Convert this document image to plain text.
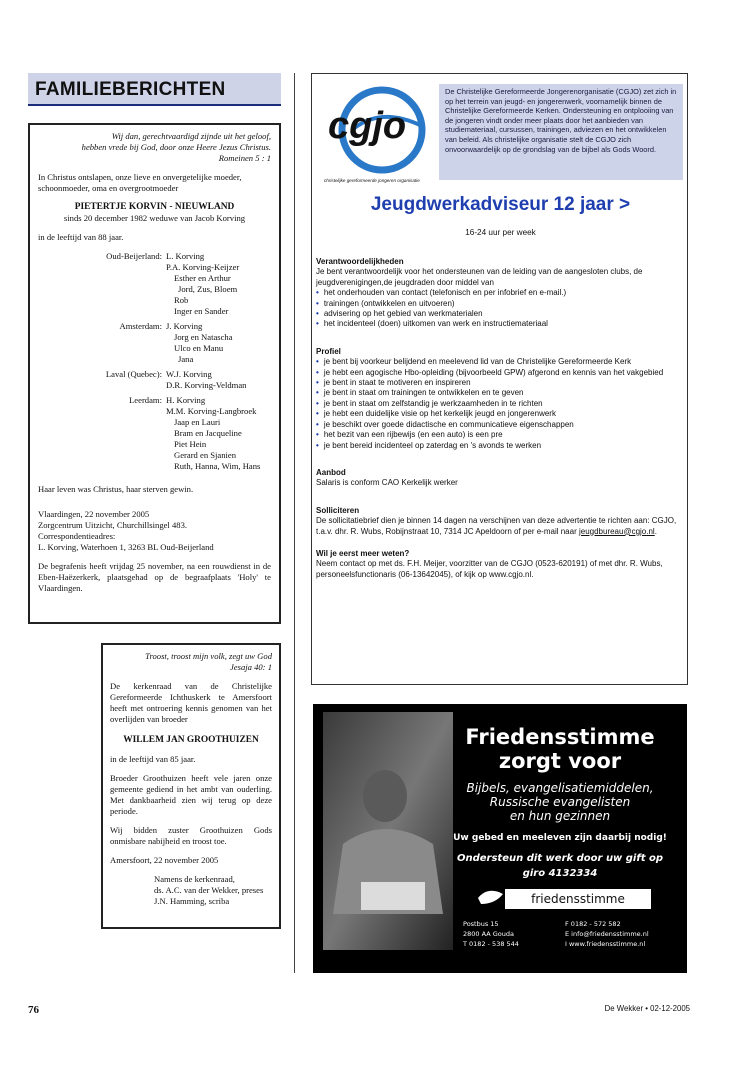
FAMILIEBERICHTEN
Wij dan, gerechtvaardigd zijnde uit het geloof,
hebben vrede bij God, door onze Heere Jezus Christus.
Romeinen 5 : 1
In Christus ontslapen, onze lieve en onvergetelijke moeder, schoonmoeder, oma en overgrootmoeder
PIETERTJE KORVIN - NIEUWLAND
sinds 20 december 1982 weduwe van Jacob Korving
in de leeftijd van 88 jaar.
Oud-Beijerland: L. Korving
P.A. Korving-Keijzer
Esther en Arthur
Jord, Zus, Bloem
Rob
Inger en Sander
Amsterdam: J. Korving
Jorg en Natascha
Ulco en Manu
Jana
Laval (Quebec): W.J. Korving
D.R. Korving-Veldman
Leerdam: H. Korving
M.M. Korving-Langbroek
Jaap en Lauri
Bram en Jacqueline
Piet Hein
Gerard en Sjanien
Ruth, Hanna, Wim, Hans
Haar leven was Christus, haar sterven gewin.
Vlaardingen, 22 november 2005
Zorgcentrum Uitzicht, Churchillsingel 483.
Correspondentieadres:
L. Korving, Waterhoen 1, 3263 BL Oud-Beijerland
De begrafenis heeft vrijdag 25 november, na een rouwdienst in de Eben-Haëzerkerk, plaatsgehad op de begraafplaats 'Holy' te Vlaardingen.
Troost, troost mijn volk, zegt uw God
Jesaja 40: 1
De kerkenraad van de Christelijke Gereformeerde Ichthuskerk te Amersfoort heeft met ontroering kennis genomen van het overlijden van broeder
WILLEM JAN GROOTHUIZEN
in de leeftijd van 85 jaar.
Broeder Groothuizen heeft vele jaren onze gemeente gediend in het ambt van ouderling. Met dankbaarheid zien wij terug op deze periode.
Wij bidden zuster Groothuizen Gods onmisbare nabijheid en troost toe.
Amersfoort, 22 november 2005
Namens de kerkenraad,
ds. A.C. van der Wekker, preses
J.N. Hamming, scriba
cgjo
christelijke gereformeerde jongeren organisatie
De Christelijke Gereformeerde Jongerenorganisatie (CGJO) zet zich in op het terrein van jeugd- en jongerenwerk, voornamelijk binnen de Christelijke Gereformeerde Kerken. Ondersteuning en ontplooiing van de jongeren vindt onder meer plaats door het aanbieden van studiemateriaal, cursussen, trainingen, adviezen en het ontwikkelen van beleid. Als christelijke organisatie stelt de CGJO zich onvoorwaardelijk op de grondslag van de bijbel als Gods Woord.
Jeugdwerkadviseur 12 jaar >
16-24 uur per week
Verantwoordelijkheden
Je bent verantwoordelijk voor het ondersteunen van de leiding van de aangesloten clubs, de jeugdverenigingen,de jeugdraden door middel van
• het onderhouden van contact (telefonisch en per infobrief en e-mail.)
• trainingen (ontwikkelen en uitvoeren)
• advisering op het gebied van werkmaterialen
• het incidenteel (doen) uitkomen van werk en instructiemateriaal
Profiel
• je bent bij voorkeur belijdend en meelevend lid van de Christelijke Gereformeerde Kerk
• je hebt een agogische Hbo-opleiding (bijvoorbeeld GPW) afgerond en kennis van het vakgebied
• je bent in staat te motiveren en inspireren
• je bent in staat om trainingen te ontwikkelen en te geven
• je bent in staat om zelfstandig je werkzaamheden in te richten
• je hebt een duidelijke visie op het kerkelijk jeugd en jongerenwerk
• je beschikt over goede didactische en communicatieve eigenschappen
• het bezit van een rijbewijs (en een auto) is een pre
• je bent bereid incidenteel op zaterdag en 's avonds te werken
Aanbod
Salaris is conform CAO Kerkelijk werker
Solliciteren
De sollicitatiebrief dien je binnen 14 dagen na verschijnen van deze advertentie te richten aan: CGJO, t.a.v. dhr. R. Wubs, Robijnstraat 10, 7314 JC Apeldoorn of per e-mail naar jeugdbureau@cgjo.nl.
Wil je eerst meer weten?
Neem contact op met ds. F.H. Meijer, voorzitter van de CGJO (0523-620191) of met dhr. R. Wubs, personeelsfunctionaris (06-13642045), of kijk op www.cgjo.nl.
Friedensstimme
zorgt voor
Bijbels, evangelisatiemiddelen,
Russische evangelisten
en hun gezinnen
Uw gebed en meeleven zijn daarbij nodig!
Ondersteun dit werk door uw gift op
giro 4132334
friedensstimme
Postbus 15
2800 AA Gouda
T 0182 - 538 544
F 0182 - 572 582
E info@friedensstimme.nl
I www.friedensstimme.nl
76	De Wekker • 02-12-2005
